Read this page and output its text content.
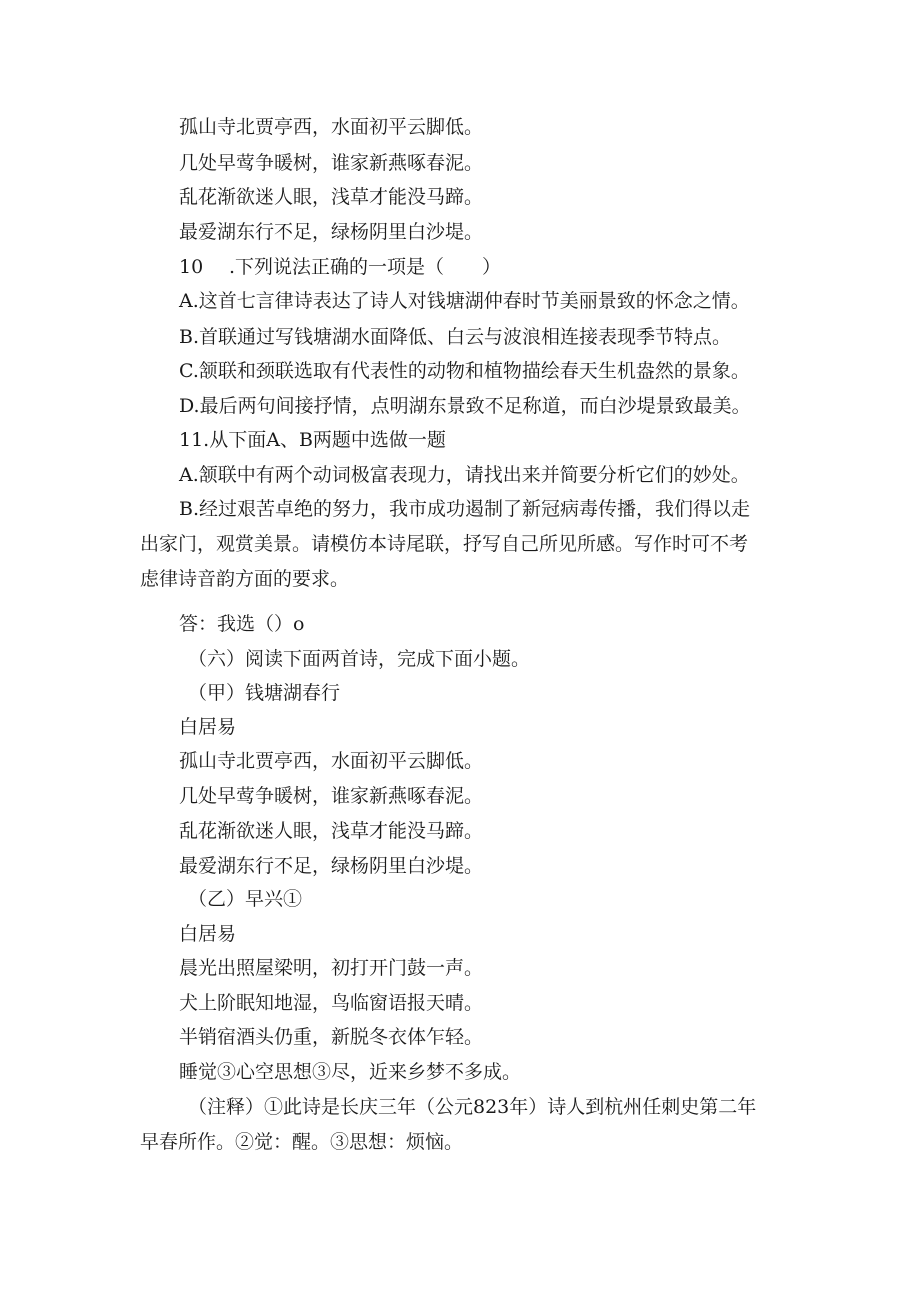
孤山寺北贾亭西，水面初平云脚低。
几处早莺争暖树，谁家新燕啄春泥。
乱花渐欲迷人眼，浅草才能没马蹄。
最爱湖东行不足，绿杨阴里白沙堤。
10 .下列说法正确的一项是（　　）
A.这首七言律诗表达了诗人对钱塘湖仲春时节美丽景致的怀念之情。
B.首联通过写钱塘湖水面降低、白云与波浪相连接表现季节特点。
C.颔联和颈联选取有代表性的动物和植物描绘春天生机盎然的景象。
D.最后两句间接抒情，点明湖东景致不足称道，而白沙堤景致最美。
11.从下面A、B两题中选做一题
A.颔联中有两个动词极富表现力，请找出来并简要分析它们的妙处。
B.经过艰苦卓绝的努力，我市成功遏制了新冠病毒传播，我们得以走
出家门，观赏美景。请模仿本诗尾联，抒写自己所见所感。写作时可不考
虑律诗音韵方面的要求。
答：我选（）o
（六）阅读下面两首诗，完成下面小题。
（甲）钱塘湖春行
白居易
孤山寺北贾亭西，水面初平云脚低。
几处早莺争暖树，谁家新燕啄春泥。
乱花渐欲迷人眼，浅草才能没马蹄。
最爱湖东行不足，绿杨阴里白沙堤。
（乙）早兴①
白居易
晨光出照屋梁明，初打开门鼓一声。
犬上阶眠知地湿，鸟临窗语报天晴。
半销宿酒头仍重，新脱冬衣体乍轻。
睡觉③心空思想③尽，近来乡梦不多成。
（注释）①此诗是长庆三年（公元823年）诗人到杭州任刺史第二年
早春所作。②觉：醒。③思想：烦恼。
